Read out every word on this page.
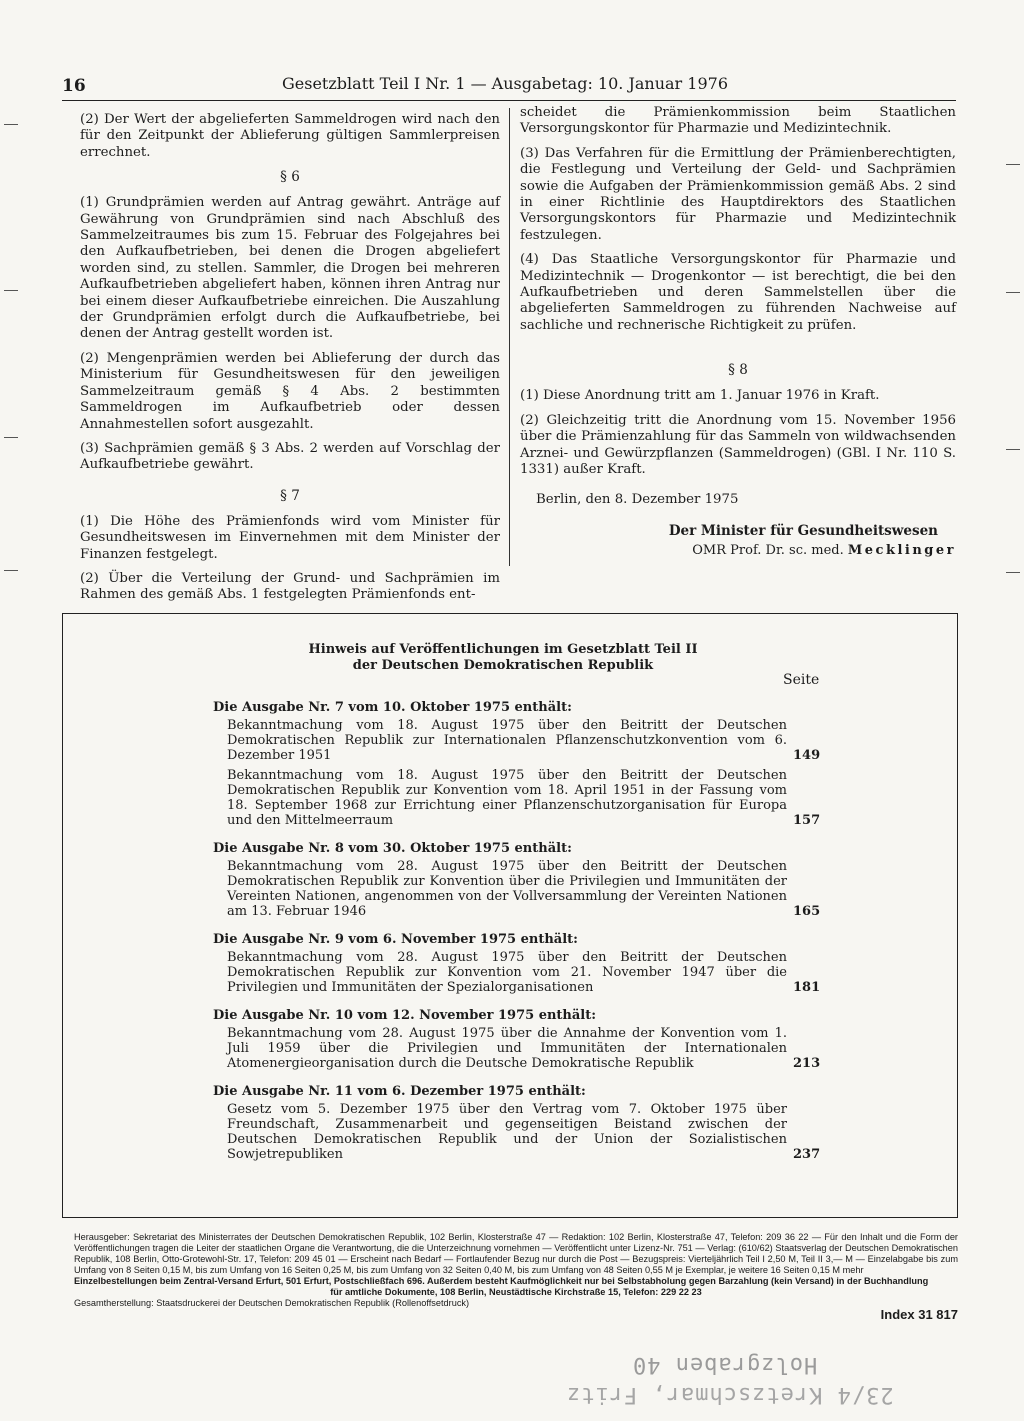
16	Gesetzblatt Teil I Nr. 1 — Ausgabetag: 10. Januar 1976

(2) Der Wert der abgelieferten Sammeldrogen wird nach den für den Zeitpunkt der Ablieferung gültigen Sammlerpreisen errechnet.

§ 6

(1) Grundprämien werden auf Antrag gewährt. Anträge auf Gewährung von Grundprämien sind nach Abschluß des Sammelzeitraumes bis zum 15. Februar des Folgejahres bei den Aufkaufbetrieben, bei denen die Drogen abgeliefert worden sind, zu stellen. Sammler, die Drogen bei mehreren Aufkaufbetrieben abgeliefert haben, können ihren Antrag nur bei einem dieser Aufkaufbetriebe einreichen. Die Auszahlung der Grundprämien erfolgt durch die Aufkaufbetriebe, bei denen der Antrag gestellt worden ist.

(2) Mengenprämien werden bei Ablieferung der durch das Ministerium für Gesundheitswesen für den jeweiligen Sammelzeitraum gemäß § 4 Abs. 2 bestimmten Sammeldrogen im Aufkaufbetrieb oder dessen Annahmestellen sofort ausgezahlt.

(3) Sachprämien gemäß § 3 Abs. 2 werden auf Vorschlag der Aufkaufbetriebe gewährt.

§ 7

(1) Die Höhe des Prämienfonds wird vom Minister für Gesundheitswesen im Einvernehmen mit dem Minister der Finanzen festgelegt.

(2) Über die Verteilung der Grund- und Sachprämien im Rahmen des gemäß Abs. 1 festgelegten Prämienfonds ent-

scheidet die Prämienkommission beim Staatlichen Versorgungskontor für Pharmazie und Medizintechnik.

(3) Das Verfahren für die Ermittlung der Prämienberechtigten, die Festlegung und Verteilung der Geld- und Sachprämien sowie die Aufgaben der Prämienkommission gemäß Abs. 2 sind in einer Richtlinie des Hauptdirektors des Staatlichen Versorgungskontors für Pharmazie und Medizintechnik festzulegen.

(4) Das Staatliche Versorgungskontor für Pharmazie und Medizintechnik — Drogenkontor — ist berechtigt, die bei den Aufkaufbetrieben und deren Sammelstellen über die abgelieferten Sammeldrogen zu führenden Nachweise auf sachliche und rechnerische Richtigkeit zu prüfen.

§ 8

(1) Diese Anordnung tritt am 1. Januar 1976 in Kraft.

(2) Gleichzeitig tritt die Anordnung vom 15. November 1956 über die Prämienzahlung für das Sammeln von wildwachsenden Arznei- und Gewürzpflanzen (Sammeldrogen) (GBl. I Nr. 110 S. 1331) außer Kraft.

Berlin, den 8. Dezember 1975
Der Minister für Gesundheitswesen
OMR Prof. Dr. sc. med. Mecklinger
Hinweis auf Veröffentlichungen im Gesetzblatt Teil II
der Deutschen Demokratischen Republik
Seite
Die Ausgabe Nr. 7 vom 10. Oktober 1975 enthält:
Bekanntmachung vom 18. August 1975 über den Beitritt der Deutschen Demokratischen Republik zur Internationalen Pflanzenschutzkonvention vom 6. Dezember 1951	149
Bekanntmachung vom 18. August 1975 über den Beitritt der Deutschen Demokratischen Republik zur Konvention vom 18. April 1951 in der Fassung vom 18. September 1968 zur Errichtung einer Pflanzenschutzorganisation für Europa und den Mittelmeerraum	157
Die Ausgabe Nr. 8 vom 30. Oktober 1975 enthält:
Bekanntmachung vom 28. August 1975 über den Beitritt der Deutschen Demokratischen Republik zur Konvention über die Privilegien und Immunitäten der Vereinten Nationen, angenommen von der Vollversammlung der Vereinten Nationen am 13. Februar 1946	165
Die Ausgabe Nr. 9 vom 6. November 1975 enthält:
Bekanntmachung vom 28. August 1975 über den Beitritt der Deutschen Demokratischen Republik zur Konvention vom 21. November 1947 über die Privilegien und Immunitäten der Spezialorganisationen	181
Die Ausgabe Nr. 10 vom 12. November 1975 enthält:
Bekanntmachung vom 28. August 1975 über die Annahme der Konvention vom 1. Juli 1959 über die Privilegien und Immunitäten der Internationalen Atomenergieorganisation durch die Deutsche Demokratische Republik	213
Die Ausgabe Nr. 11 vom 6. Dezember 1975 enthält:
Gesetz vom 5. Dezember 1975 über den Vertrag vom 7. Oktober 1975 über Freundschaft, Zusammenarbeit und gegenseitigen Beistand zwischen der Deutschen Demokratischen Republik und der Union der Sozialistischen Sowjetrepubliken	237
Herausgeber: Sekretariat des Ministerrates der Deutschen Demokratischen Republik, 102 Berlin, Klosterstraße 47 — Redaktion: 102 Berlin, Klosterstraße 47, Telefon: 209 36 22 — Für den Inhalt und die Form der Veröffentlichungen tragen die Leiter der staatlichen Organe die Verantwortung, die die Unterzeichnung vornehmen — Veröffentlicht unter Lizenz-Nr. 751 — Verlag: (610/62) Staatsverlag der Deutschen Demokratischen Republik, 108 Berlin, Otto-Grotewohl-Str. 17, Telefon: 209 45 01 — Erscheint nach Bedarf — Fortlaufender Bezug nur durch die Post — Bezugspreis: Vierteljährlich Teil I 2,50 M, Teil II 3,— M — Einzelabgabe bis zum Umfang von 8 Seiten 0,15 M, bis zum Umfang von 16 Seiten 0,25 M, bis zum Umfang von 32 Seiten 0,40 M, bis zum Umfang von 48 Seiten 0,55 M je Exemplar, je weitere 16 Seiten 0,15 M mehr
Einzelbestellungen beim Zentral-Versand Erfurt, 501 Erfurt, Postschließfach 696. Außerdem besteht Kaufmöglichkeit nur bei Selbstabholung gegen Barzahlung (kein Versand) in der Buchhandlung
für amtliche Dokumente, 108 Berlin, Neustädtische Kirchstraße 15, Telefon: 229 22 23
Gesamtherstellung: Staatsdruckerei der Deutschen Demokratischen Republik (Rollenoffsetdruck)
Index 31 817
Holzgraben 40
23/4 Kretzschmar, Fritz
